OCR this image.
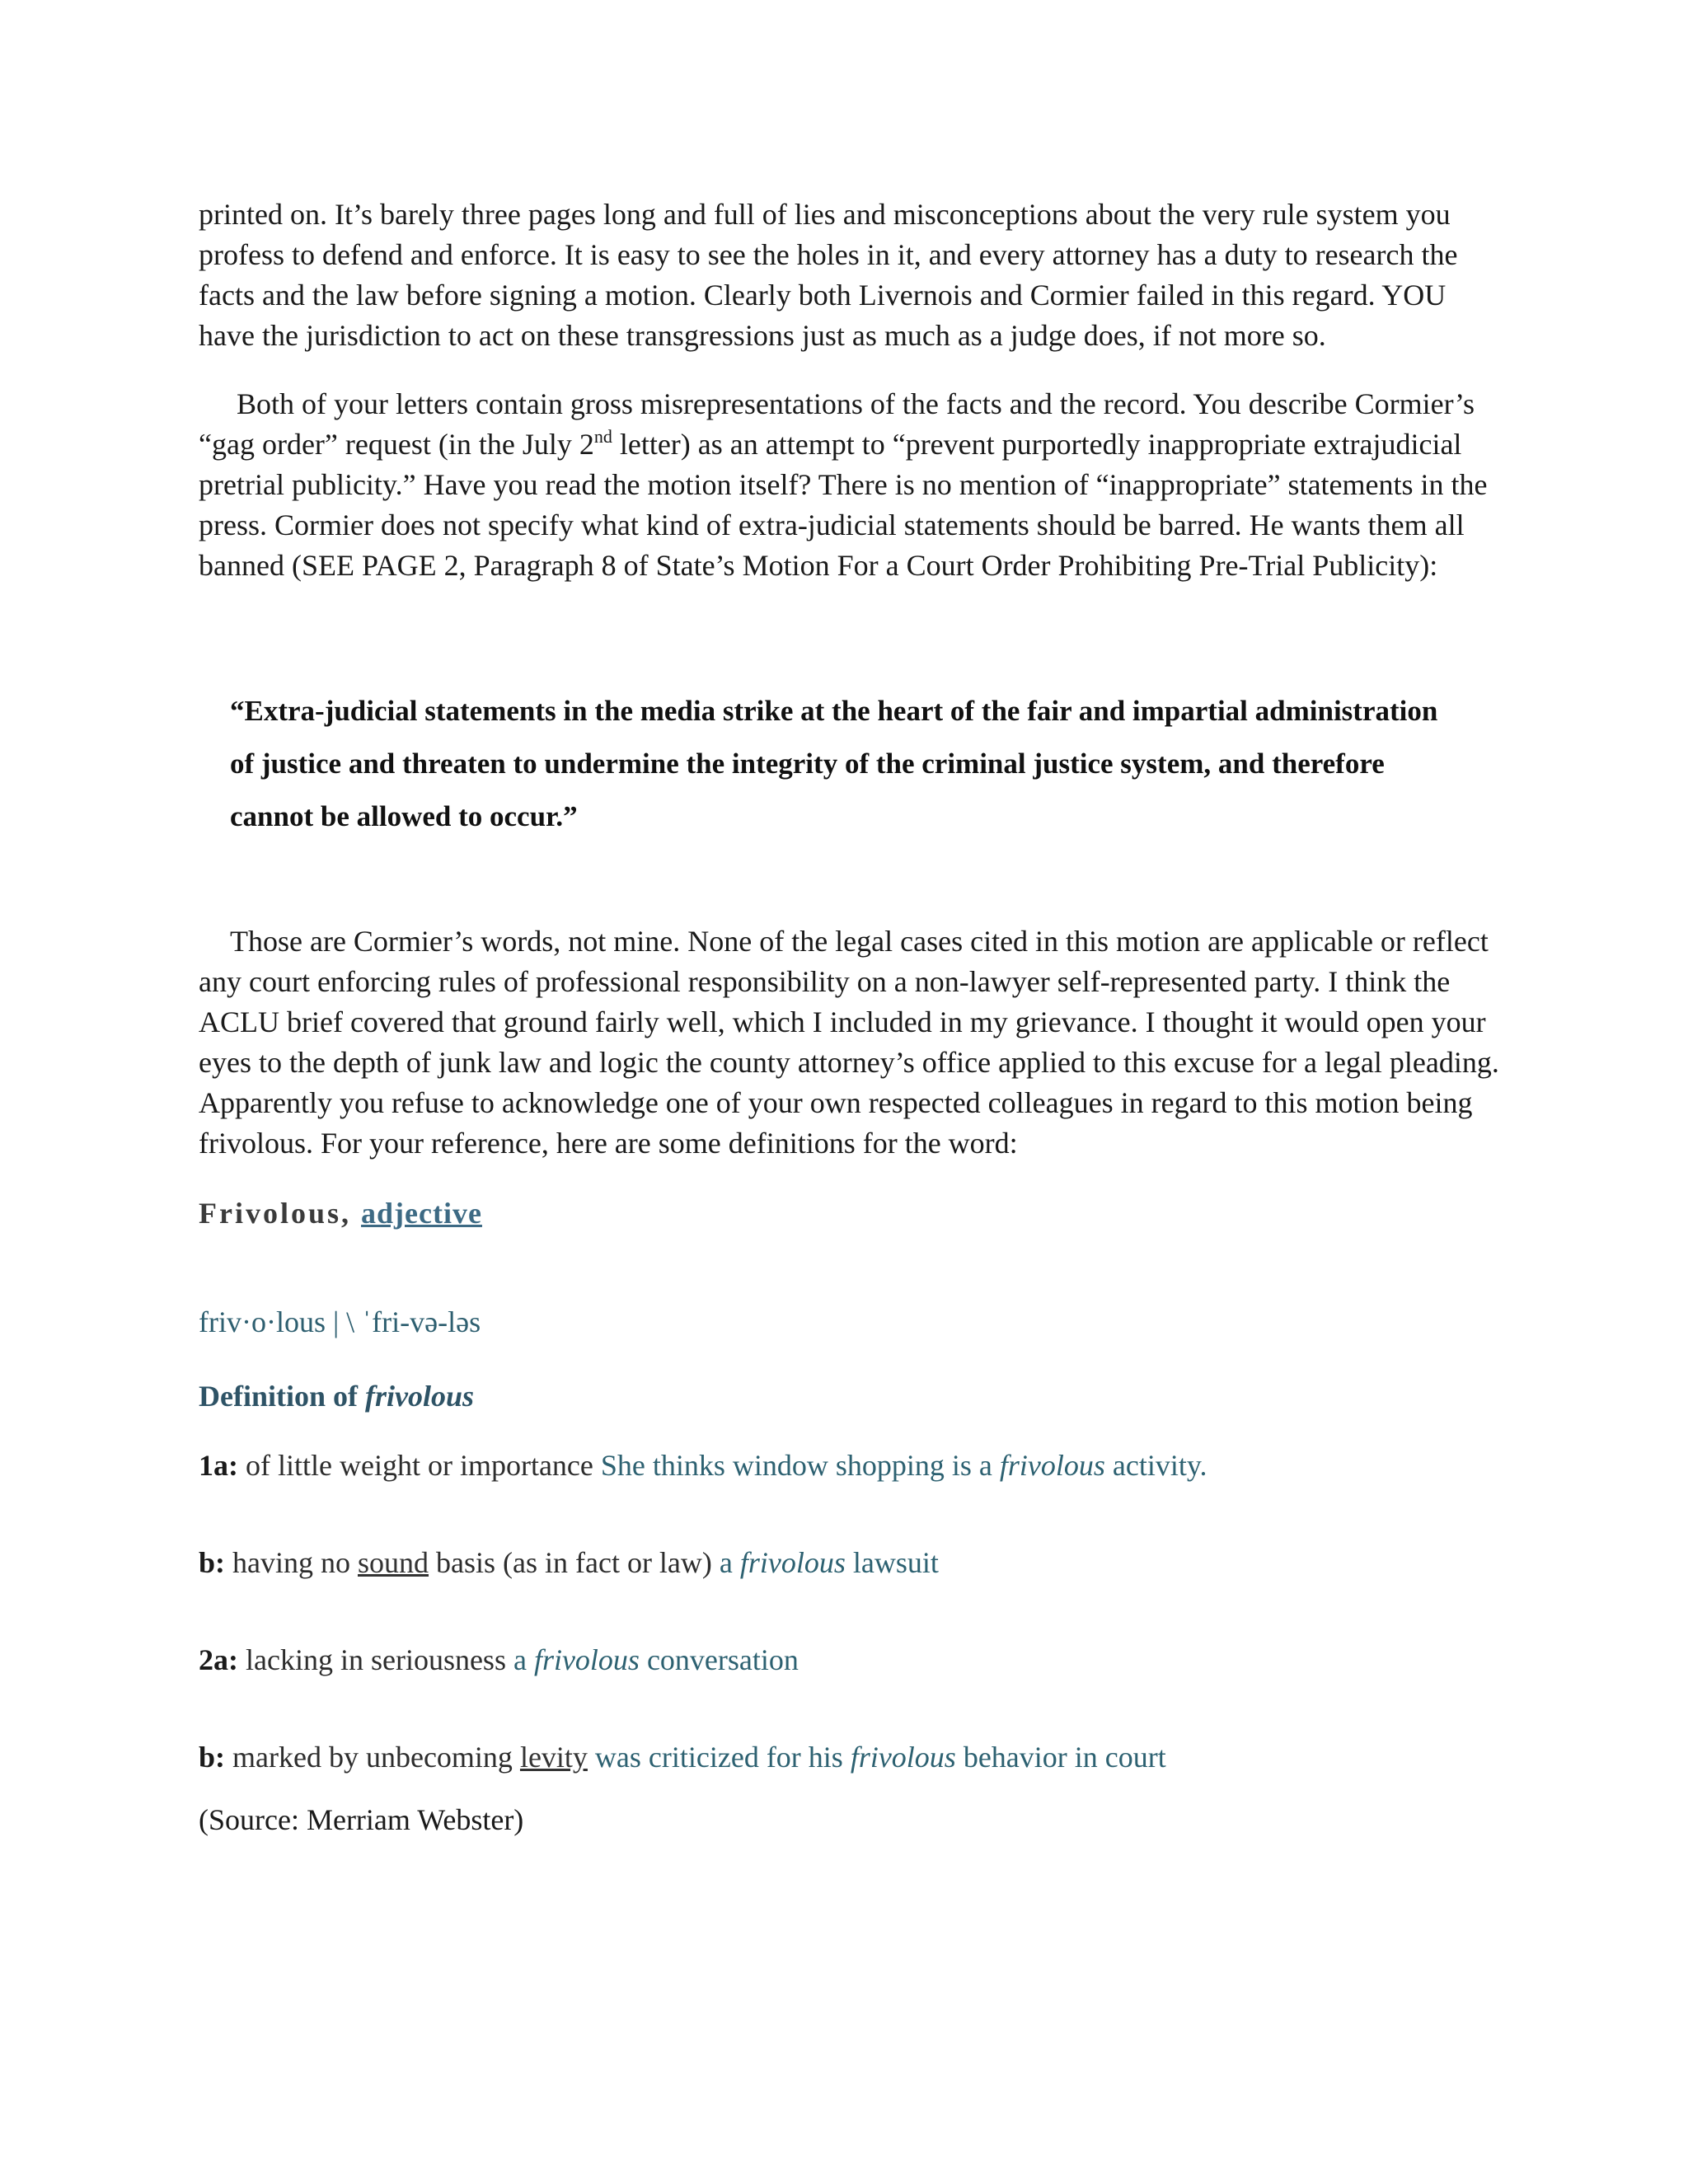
printed on. It’s barely three pages long and full of lies and misconceptions about the very rule system you profess to defend and enforce. It is easy to see the holes in it, and every attorney has a duty to research the facts and the law before signing a motion. Clearly both Livernois and Cormier failed in this regard. YOU have the jurisdiction to act on these transgressions just as much as a judge does, if not more so.

Both of your letters contain gross misrepresentations of the facts and the record. You describe Cormier’s “gag order” request (in the July 2nd letter) as an attempt to “prevent purportedly inappropriate extrajudicial pretrial publicity.” Have you read the motion itself? There is no mention of “inappropriate” statements in the press. Cormier does not specify what kind of extra-judicial statements should be barred. He wants them all banned (SEE PAGE 2, Paragraph 8 of State’s Motion For a Court Order Prohibiting Pre-Trial Publicity):

“Extra-judicial statements in the media strike at the heart of the fair and impartial administration of justice and threaten to undermine the integrity of the criminal justice system, and therefore cannot be allowed to occur.”

Those are Cormier’s words, not mine. None of the legal cases cited in this motion are applicable or reflect any court enforcing rules of professional responsibility on a non-lawyer self-represented party. I think the ACLU brief covered that ground fairly well, which I included in my grievance. I thought it would open your eyes to the depth of junk law and logic the county attorney’s office applied to this excuse for a legal pleading. Apparently you refuse to acknowledge one of your own respected colleagues in regard to this motion being frivolous. For your reference, here are some definitions for the word:

Frivolous, adjective

friv·o·lous | \ ˈfri-və-ləs

Definition of frivolous

1a: of little weight or importance She thinks window shopping is a frivolous activity.

b: having no sound basis (as in fact or law) a frivolous lawsuit

2a: lacking in seriousness a frivolous conversation

b: marked by unbecoming levity was criticized for his frivolous behavior in court

(Source: Merriam Webster)
